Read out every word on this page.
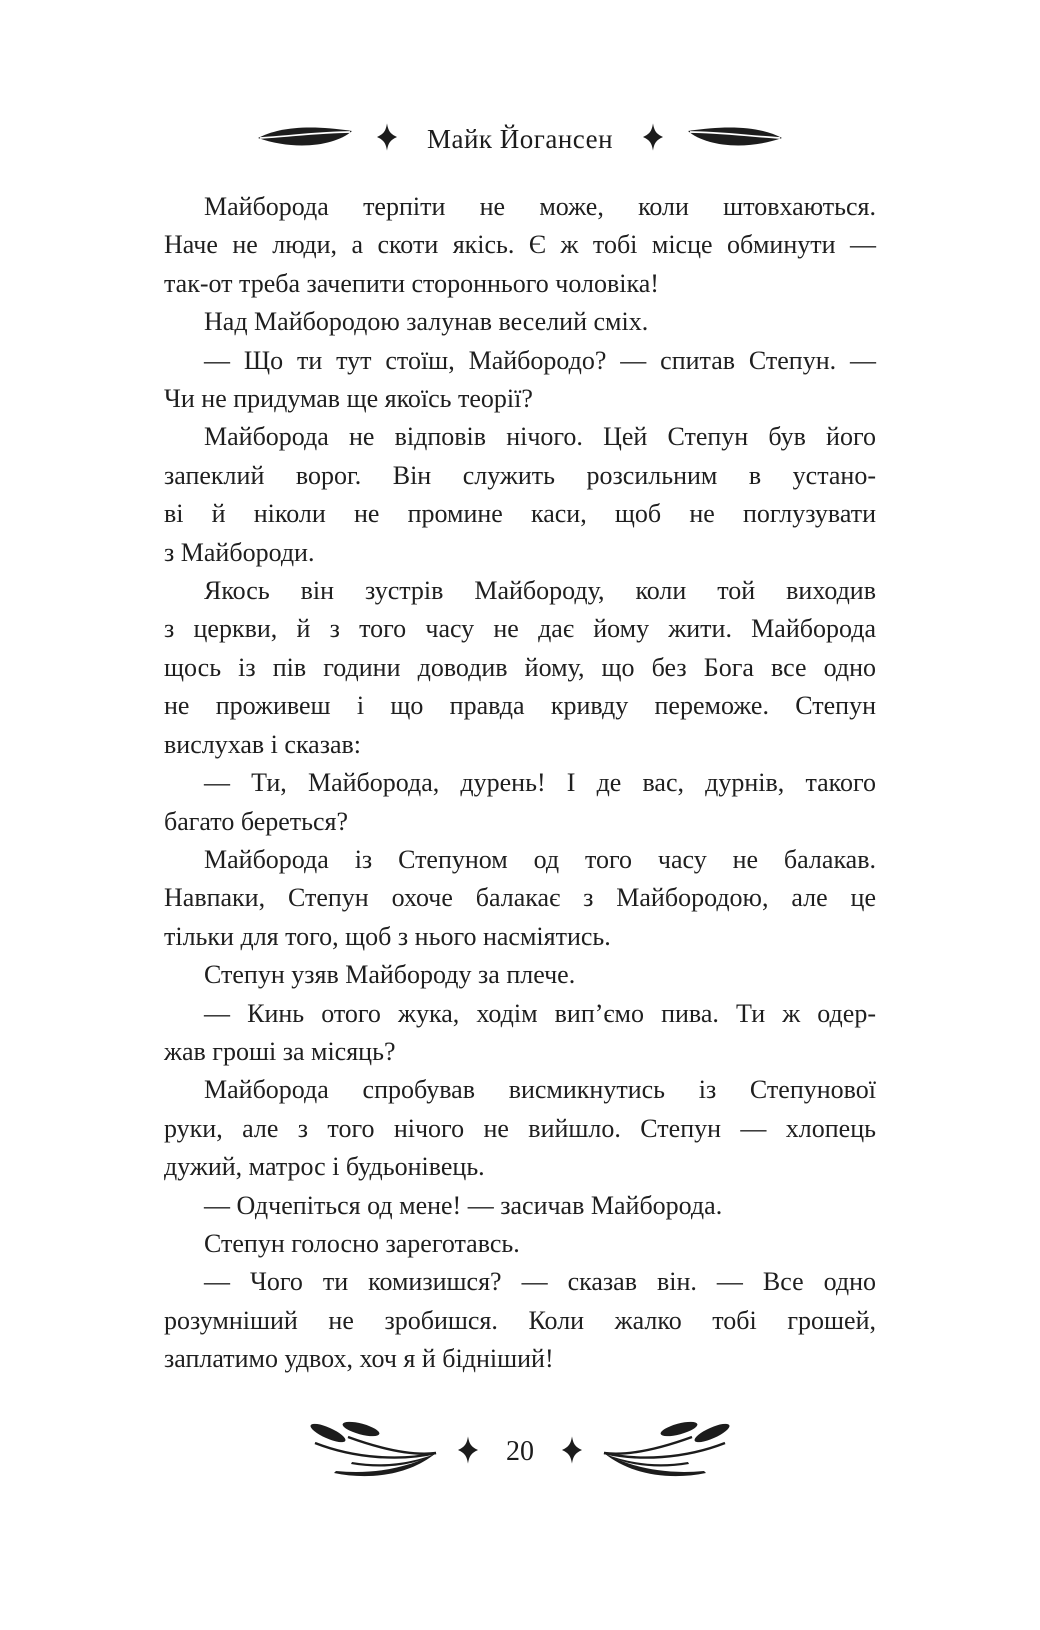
Майк Йогансен
Майборода терпіти не може, коли штовхаються.
Наче не люди, а скоти якісь. Є ж тобі місце обминути —
так-от треба зачепити стороннього чоловіка!
Над Майбородою залунав веселий сміх.
— Що ти тут стоїш, Майбородо? — спитав Степун. —
Чи не придумав ще якоїсь теорії?
Майборода не відповів нічого. Цей Степун був його
запеклий ворог. Він служить розсильним в устано-
ві й ніколи не промине каси, щоб не поглузувати
з Майбороди.
Якось він зустрів Майбороду, коли той виходив
з церкви, й з того часу не дає йому жити. Майборода
щось із пів години доводив йому, що без Бога все одно
не проживеш і що правда кривду переможе. Степун
вислухав і сказав:
— Ти, Майборода, дурень! І де вас, дурнів, такого
багато береться?
Майборода із Степуном од того часу не балакав.
Навпаки, Степун охоче балакає з Майбородою, але це
тільки для того, щоб з нього насміятись.
Степун узяв Майбороду за плече.
— Кинь отого жука, ходім вип’ємо пива. Ти ж одер-
жав гроші за місяць?
Майборода спробував висмикнутись із Степунової
руки, але з того нічого не вийшло. Степун — хлопець
дужий, матрос і будьонівець.
— Одчепіться од мене! — засичав Майборода.
Степун голосно зареготавсь.
— Чого ти комизишся? — сказав він. — Все одно
розумніший не зробишся. Коли жалко тобі грошей,
заплатимо удвох, хоч я й бідніший!
20
